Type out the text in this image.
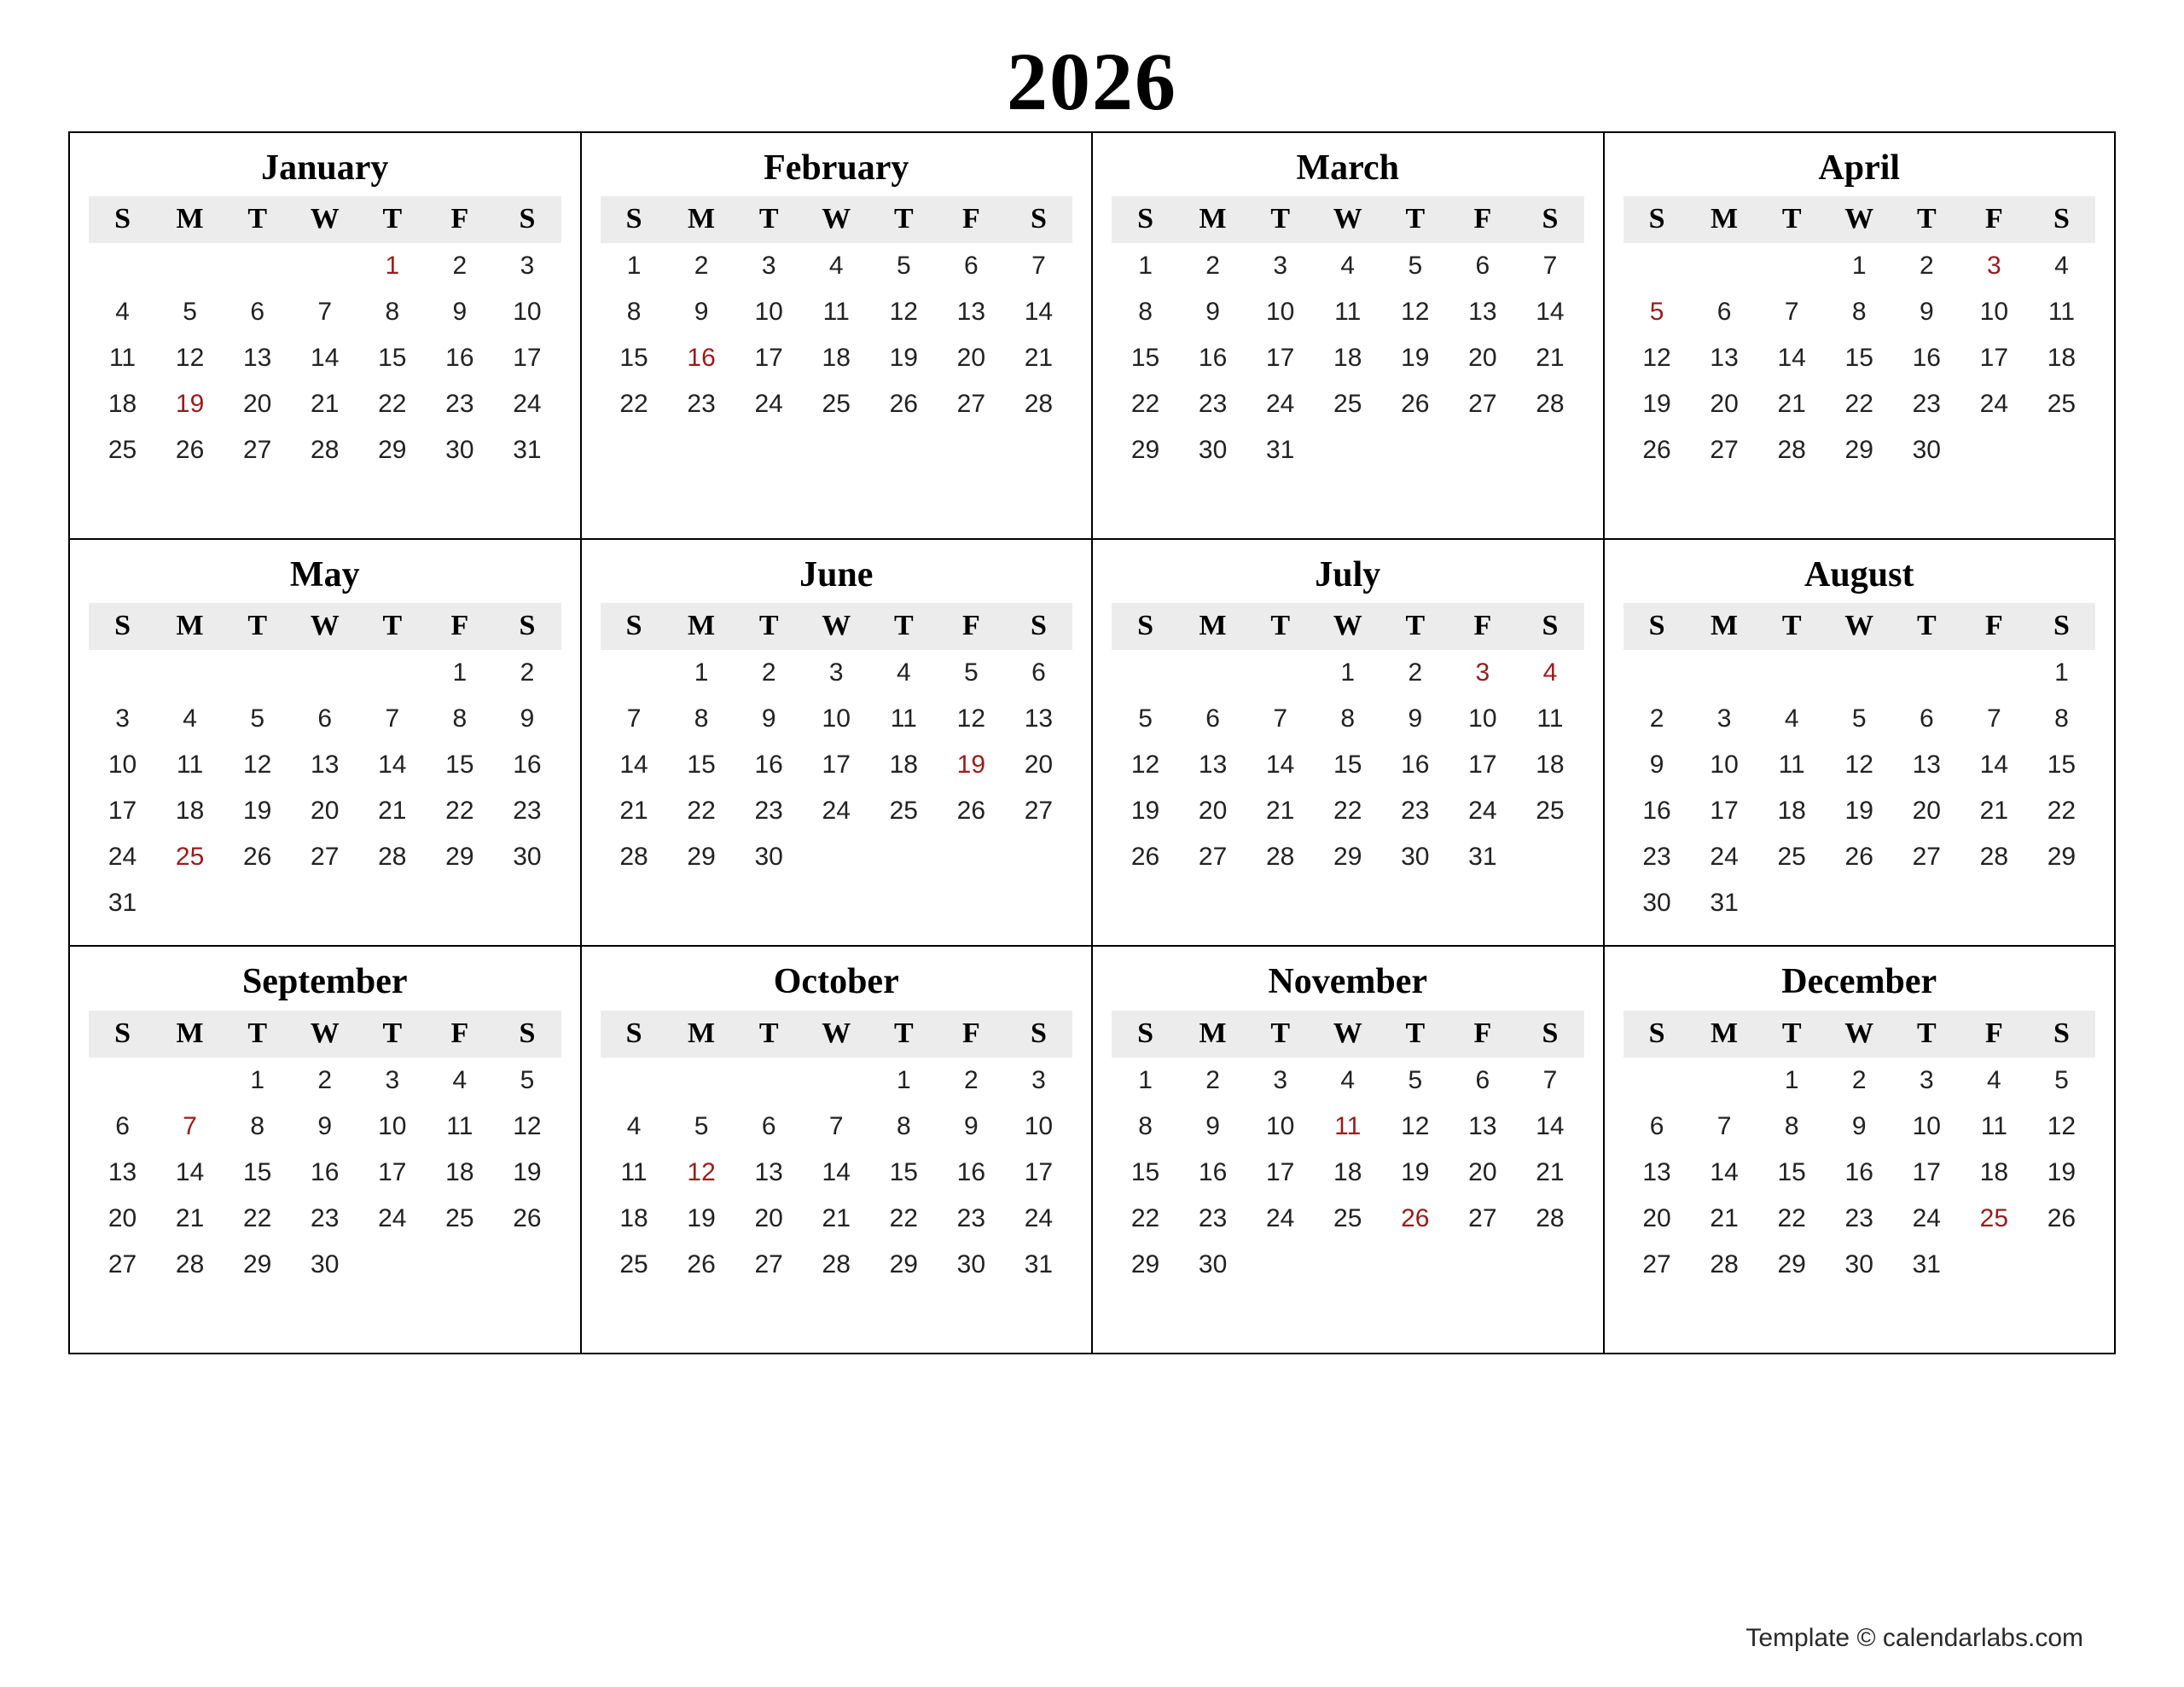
2026
January
S	M	T	W	T	F	S
				1	2	3
4	5	6	7	8	9	10
11	12	13	14	15	16	17
18	19	20	21	22	23	24
25	26	27	28	29	30	31
February
S	M	T	W	T	F	S
1	2	3	4	5	6	7
8	9	10	11	12	13	14
15	16	17	18	19	20	21
22	23	24	25	26	27	28
March
S	M	T	W	T	F	S
1	2	3	4	5	6	7
8	9	10	11	12	13	14
15	16	17	18	19	20	21
22	23	24	25	26	27	28
29	30	31				
April
S	M	T	W	T	F	S
			1	2	3	4
5	6	7	8	9	10	11
12	13	14	15	16	17	18
19	20	21	22	23	24	25
26	27	28	29	30		
May
S	M	T	W	T	F	S
					1	2
3	4	5	6	7	8	9
10	11	12	13	14	15	16
17	18	19	20	21	22	23
24	25	26	27	28	29	30
31						
June
S	M	T	W	T	F	S
	1	2	3	4	5	6
7	8	9	10	11	12	13
14	15	16	17	18	19	20
21	22	23	24	25	26	27
28	29	30				
July
S	M	T	W	T	F	S
			1	2	3	4
5	6	7	8	9	10	11
12	13	14	15	16	17	18
19	20	21	22	23	24	25
26	27	28	29	30	31	
August
S	M	T	W	T	F	S
						1
2	3	4	5	6	7	8
9	10	11	12	13	14	15
16	17	18	19	20	21	22
23	24	25	26	27	28	29
30	31					
September
S	M	T	W	T	F	S
		1	2	3	4	5
6	7	8	9	10	11	12
13	14	15	16	17	18	19
20	21	22	23	24	25	26
27	28	29	30			
October
S	M	T	W	T	F	S
				1	2	3
4	5	6	7	8	9	10
11	12	13	14	15	16	17
18	19	20	21	22	23	24
25	26	27	28	29	30	31
November
S	M	T	W	T	F	S
1	2	3	4	5	6	7
8	9	10	11	12	13	14
15	16	17	18	19	20	21
22	23	24	25	26	27	28
29	30					
December
S	M	T	W	T	F	S
		1	2	3	4	5
6	7	8	9	10	11	12
13	14	15	16	17	18	19
20	21	22	23	24	25	26
27	28	29	30	31		
Template © calendarlabs.com
